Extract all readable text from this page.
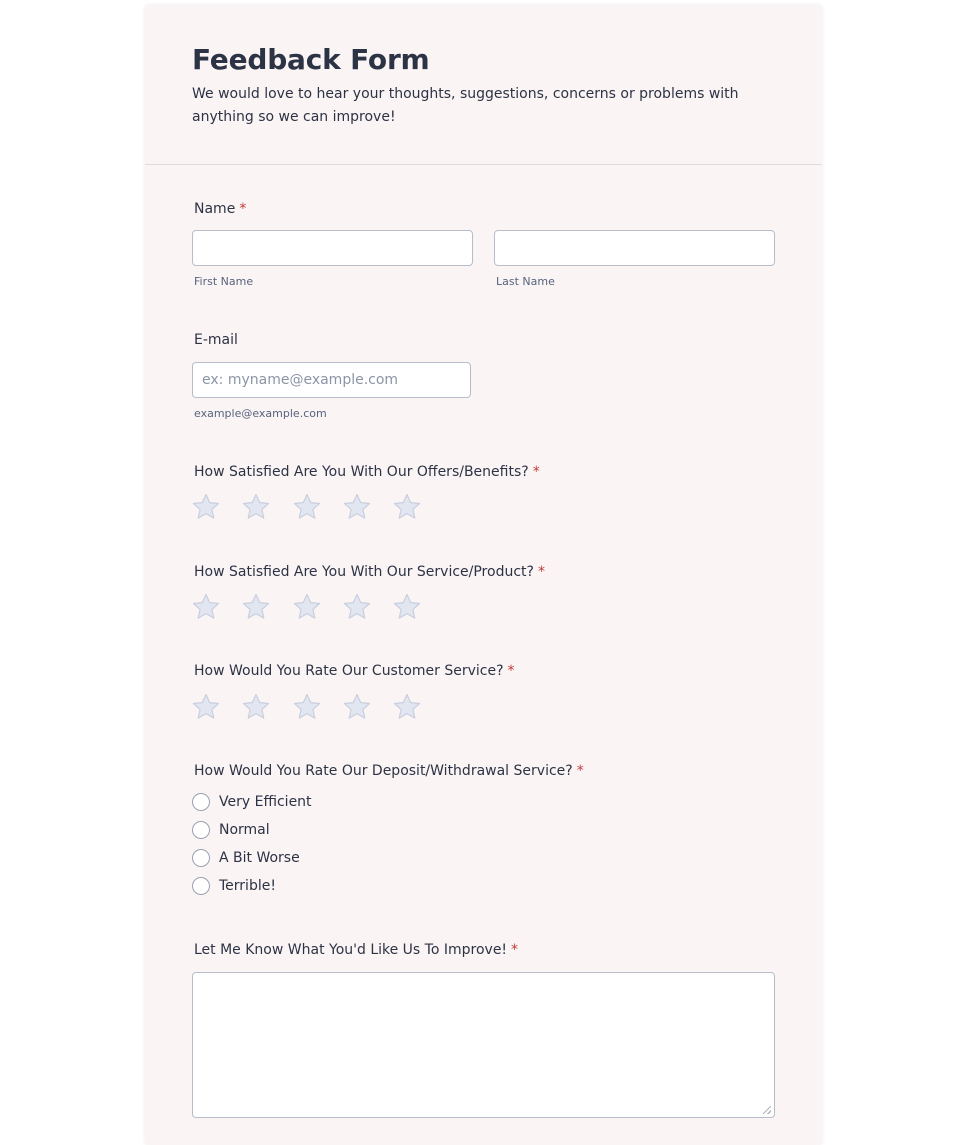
Feedback Form
We would love to hear your thoughts, suggestions, concerns or problems with anything so we can improve!
Name *
First Name	Last Name
E-mail
ex: myname@example.com
example@example.com
How Satisfied Are You With Our Offers/Benefits? *
How Satisfied Are You With Our Service/Product? *
How Would You Rate Our Customer Service? *
How Would You Rate Our Deposit/Withdrawal Service? *
Very Efficient
Normal
A Bit Worse
Terrible!
Let Me Know What You'd Like Us To Improve! *
